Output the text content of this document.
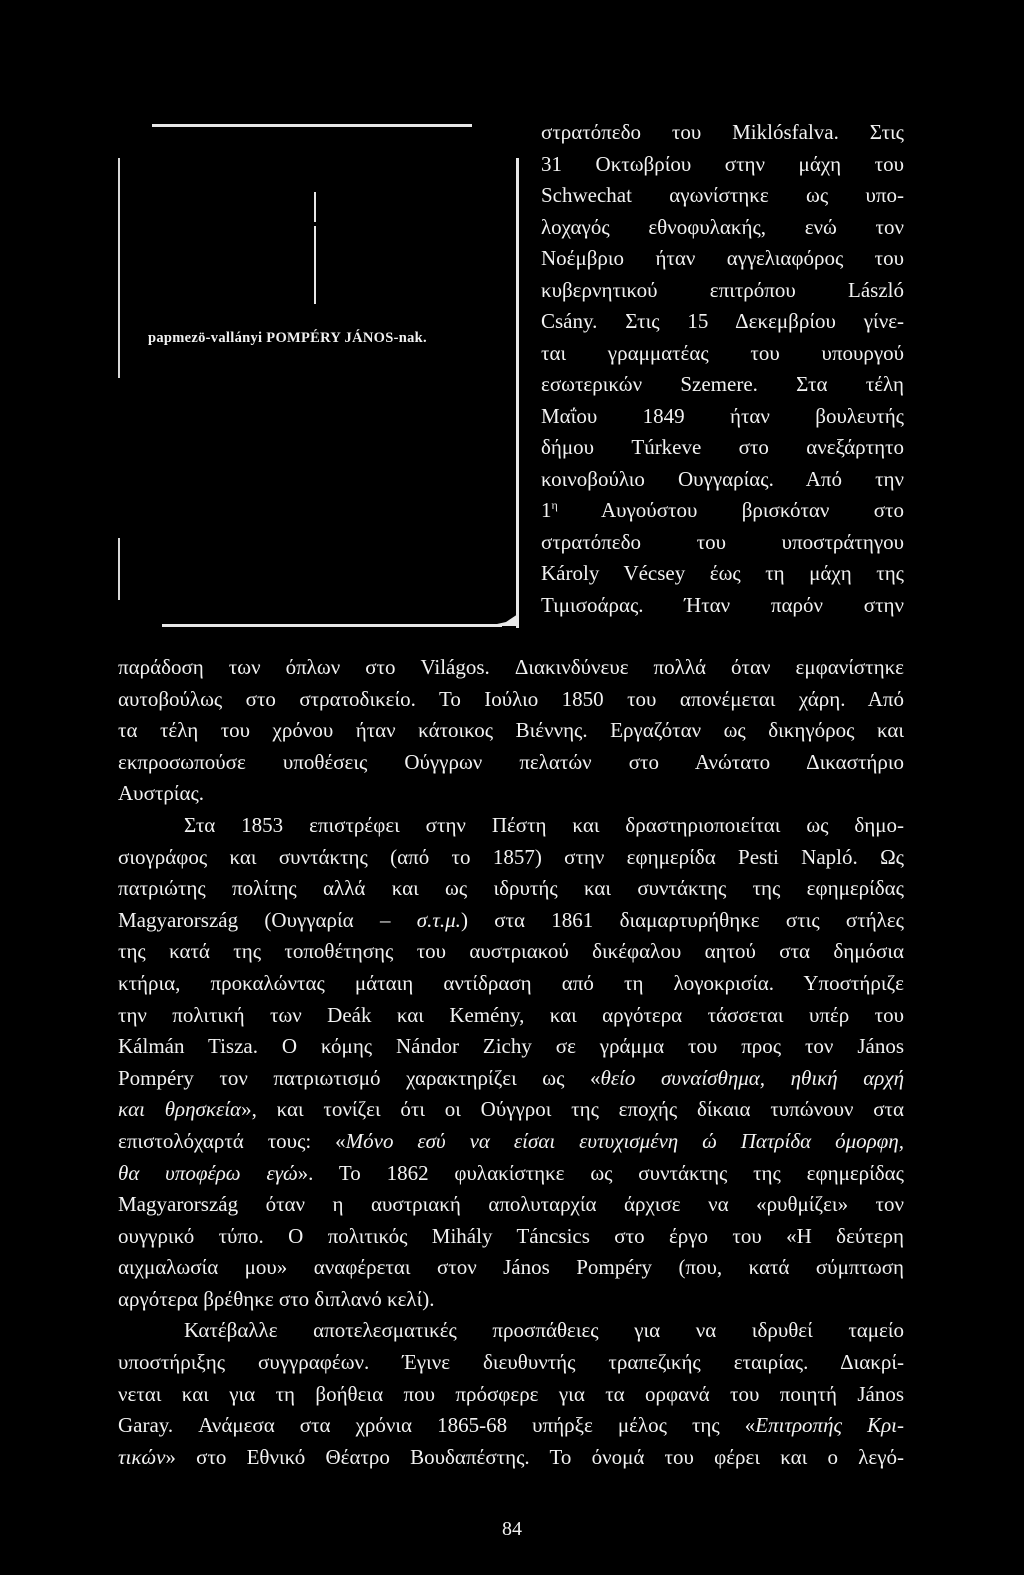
papmezö-vallányi POMPÉRY JÁNOS-nak.
στρατόπεδο του Miklósfalva. Στις
31 Οκτωβρίου στην μάχη του
Schwechat αγωνίστηκε ως υπο-
λοχαγός εθνοφυλακής, ενώ τον
Νοέμβριο ήταν αγγελιαφόρος του
κυβερνητικού επιτρόπου László
Csány. Στις 15 Δεκεμβρίου γίνε-
ται γραμματέας του υπουργού
εσωτερικών Szemere. Στα τέλη
Μαΐου 1849 ήταν βουλευτής
δήμου Túrkeve στο ανεξάρτητο
κοινοβούλιο Ουγγαρίας. Από την
$1^\eta$ Αυγούστου βρισκόταν στο
στρατόπεδο του υποστράτηγου
Károly Vécsey έως τη μάχη της
Τιμισοάρας. Ήταν παρόν στην
παράδοση των όπλων στο Világos. Διακινδύνευε πολλά όταν εμφανίστηκε
αυτοβούλως στο στρατοδικείο. Το Ιούλιο 1850 του απονέμεται χάρη. Από
τα τέλη του χρόνου ήταν κάτοικος Βιέννης. Εργαζόταν ως δικηγόρος και
εκπροσωπούσε υποθέσεις Ούγγρων πελατών στο Ανώτατο Δικαστήριο
Αυστρίας.
Στα 1853 επιστρέφει στην Πέστη και δραστηριοποιείται ως δημο-
σιογράφος και συντάκτης (από το 1857) στην εφημερίδα Pesti Napló. Ως
πατριώτης πολίτης αλλά και ως ιδρυτής και συντάκτης της εφημερίδας
Magyarország (Ουγγαρία – σ.τ.μ.) στα 1861 διαμαρτυρήθηκε στις στήλες
της κατά της τοποθέτησης του αυστριακού δικέφαλου αητού στα δημόσια
κτήρια, προκαλώντας μάταιη αντίδραση από τη λογοκρισία. Υποστήριζε
την πολιτική των Deák και Kemény, και αργότερα τάσσεται υπέρ του
Kálmán Tisza. Ο κόμης Nándor Zichy σε γράμμα του προς τον János
Pompéry τον πατριωτισμό χαρακτηρίζει ως «θείο συναίσθημα, ηθική αρχή
και θρησκεία», και τονίζει ότι οι Ούγγροι της εποχής δίκαια τυπώνουν στα
επιστολόχαρτά τους: «Μόνο εσύ να είσαι ευτυχισμένη ώ Πατρίδα όμορφη,
θα υποφέρω εγώ». Το 1862 φυλακίστηκε ως συντάκτης της εφημερίδας
Magyarország όταν η αυστριακή απολυταρχία άρχισε να «ρυθμίζει» τον
ουγγρικό τύπο. Ο πολιτικός Mihály Táncsics στο έργο του «Η δεύτερη
αιχμαλωσία μου» αναφέρεται στον János Pompéry (που, κατά σύμπτωση
αργότερα βρέθηκε στο διπλανό κελί).
Κατέβαλλε αποτελεσματικές προσπάθειες για να ιδρυθεί ταμείο
υποστήριξης συγγραφέων. Έγινε διευθυντής τραπεζικής εταιρίας. Διακρί-
νεται και για τη βοήθεια που πρόσφερε για τα ορφανά του ποιητή János
Garay. Ανάμεσα στα χρόνια 1865-68 υπήρξε μέλος της «Επιτροπής Κρι-
τικών» στο Εθνικό Θέατρο Βουδαπέστης. Το όνομά του φέρει και ο λεγό-
84
